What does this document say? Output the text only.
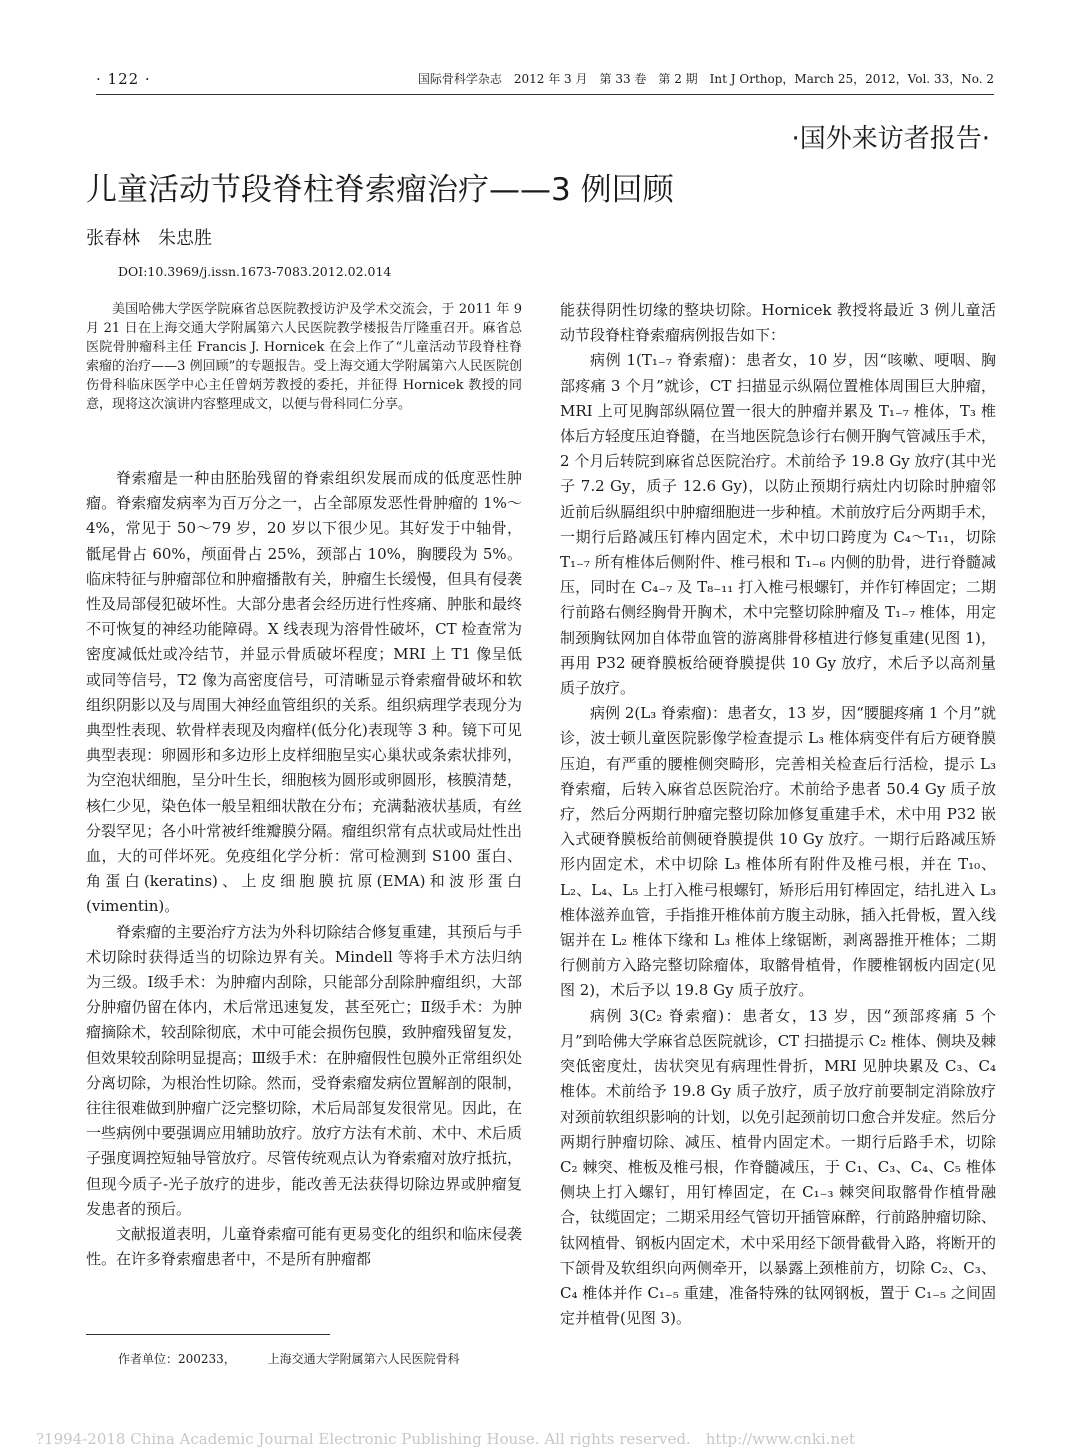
· 122 ·	国际骨科学杂志　2012 年 3 月　第 33 卷　第 2 期　Int J Orthop，March 25，2012，Vol. 33，No. 2
·国外来访者报告·
儿童活动节段脊柱脊索瘤治疗——3 例回顾
张春林　朱忠胜
DOI:10.3969/j.issn.1673-7083.2012.02.014

美国哈佛大学医学院麻省总医院教授访沪及学术交流会，于 2011 年 9 月 21 日在上海交通大学附属第六人民医院教学楼报告厅隆重召开。麻省总医院骨肿瘤科主任 Francis J. Hornicek 在会上作了“儿童活动节段脊柱脊索瘤的治疗——3 例回顾”的专题报告。受上海交通大学附属第六人民医院创伤骨科临床医学中心主任曾炳芳教授的委托，并征得 Hornicek 教授的同意，现将这次演讲内容整理成文，以便与骨科同仁分享。

脊索瘤是一种由胚胎残留的脊索组织发展而成的低度恶性肿瘤。脊索瘤发病率为百万分之一，占全部原发恶性骨肿瘤的 1%～4%，常见于 50～79 岁，20 岁以下很少见。其好发于中轴骨，骶尾骨占 60%，颅面骨占 25%，颈部占 10%，胸腰段为 5%。临床特征与肿瘤部位和肿瘤播散有关，肿瘤生长缓慢，但具有侵袭性及局部侵犯破坏性。大部分患者会经历进行性疼痛、肿胀和最终不可恢复的神经功能障碍。X 线表现为溶骨性破坏，CT 检查常为密度减低灶或冷结节，并显示骨质破坏程度；MRI 上 T1 像呈低或同等信号，T2 像为高密度信号，可清晰显示脊索瘤骨破坏和软组织阴影以及与周围大神经血管组织的关系。组织病理学表现分为典型性表现、软骨样表现及肉瘤样(低分化)表现等 3 种。镜下可见典型表现：卵圆形和多边形上皮样细胞呈实心巢状或条索状排列，为空泡状细胞，呈分叶生长，细胞核为圆形或卵圆形，核膜清楚，核仁少见，染色体一般呈粗细状散在分布；充满黏液状基质，有丝分裂罕见；各小叶常被纤维瓣膜分隔。瘤组织常有点状或局灶性出血，大的可伴坏死。免疫组化学分析：常可检测到 S100 蛋白、角蛋白(keratins)、上皮细胞膜抗原(EMA)和波形蛋白(vimentin)。

脊索瘤的主要治疗方法为外科切除结合修复重建，其预后与手术切除时获得适当的切除边界有关。Mindell 等将手术方法归纳为三级。Ⅰ级手术：为肿瘤内刮除，只能部分刮除肿瘤组织，大部分肿瘤仍留在体内，术后常迅速复发，甚至死亡；Ⅱ级手术：为肿瘤摘除术，较刮除彻底，术中可能会损伤包膜，致肿瘤残留复发，但效果较刮除明显提高；Ⅲ级手术：在肿瘤假性包膜外正常组织处分离切除，为根治性切除。然而，受脊索瘤发病位置解剖的限制，往往很难做到肿瘤广泛完整切除，术后局部复发很常见。因此，在一些病例中要强调应用辅助放疗。放疗方法有术前、术中、术后质子强度调控短轴导管放疗。尽管传统观点认为脊索瘤对放疗抵抗，但现今质子-光子放疗的进步，能改善无法获得切除边界或肿瘤复发患者的预后。

文献报道表明，儿童脊索瘤可能有更易变化的组织和临床侵袭性。在许多脊索瘤患者中，不是所有肿瘤都

能获得阴性切缘的整块切除。Hornicek 教授将最近 3 例儿童活动节段脊柱脊索瘤病例报告如下：

病例 1(T₁₋₇ 脊索瘤)：患者女，10 岁，因“咳嗽、哽咽、胸部疼痛 3 个月”就诊，CT 扫描显示纵隔位置椎体周围巨大肿瘤，MRI 上可见胸部纵隔位置一很大的肿瘤并累及 T₁₋₇ 椎体，T₃ 椎体后方轻度压迫脊髓，在当地医院急诊行右侧开胸气管减压手术，2 个月后转院到麻省总医院治疗。术前给予 19.8 Gy 放疗(其中光子 7.2 Gy，质子 12.6 Gy)，以防止预期行病灶内切除时肿瘤邻近前后纵膈组织中肿瘤细胞进一步种植。术前放疗后分两期手术，一期行后路减压钉棒内固定术，术中切口跨度为 C₄～T₁₁，切除 T₁₋₇ 所有椎体后侧附件、椎弓根和 T₁₋₆ 内侧的肋骨，进行脊髓减压，同时在 C₄₋₇ 及 T₈₋₁₁ 打入椎弓根螺钉，并作钉棒固定；二期行前路右侧经胸骨开胸术，术中完整切除肿瘤及 T₁₋₇ 椎体，用定制颈胸钛网加自体带血管的游离腓骨移植进行修复重建(见图 1)，再用 P32 硬脊膜板给硬脊膜提供 10 Gy 放疗，术后予以高剂量质子放疗。

病例 2(L₃ 脊索瘤)：患者女，13 岁，因“腰腿疼痛 1 个月”就诊，波士顿儿童医院影像学检查提示 L₃ 椎体病变伴有后方硬脊膜压迫，有严重的腰椎侧突畸形，完善相关检查后行活检，提示 L₃ 脊索瘤，后转入麻省总医院治疗。术前给予患者 50.4 Gy 质子放疗，然后分两期行肿瘤完整切除加修复重建手术，术中用 P32 嵌入式硬脊膜板给前侧硬脊膜提供 10 Gy 放疗。一期行后路减压矫形内固定术，术中切除 L₃ 椎体所有附件及椎弓根，并在 T₁₀、L₂、L₄、L₅ 上打入椎弓根螺钉，矫形后用钉棒固定，结扎进入 L₃ 椎体滋养血管，手指推开椎体前方腹主动脉，插入托骨板，置入线锯并在 L₂ 椎体下缘和 L₃ 椎体上缘锯断，剥离器推开椎体；二期行侧前方入路完整切除瘤体，取髂骨植骨，作腰椎钢板内固定(见图 2)，术后予以 19.8 Gy 质子放疗。

病例 3(C₂ 脊索瘤)：患者女，13 岁，因“颈部疼痛 5 个月”到哈佛大学麻省总医院就诊，CT 扫描提示 C₂ 椎体、侧块及棘突低密度灶，齿状突见有病理性骨折，MRI 见肿块累及 C₃、C₄ 椎体。术前给予 19.8 Gy 质子放疗，质子放疗前要制定消除放疗对颈前软组织影响的计划，以免引起颈前切口愈合并发症。然后分两期行肿瘤切除、减压、植骨内固定术。一期行后路手术，切除 C₂ 棘突、椎板及椎弓根，作脊髓减压，于 C₁、C₃、C₄、C₅ 椎体侧块上打入螺钉，用钉棒固定，在 C₁₋₃ 棘突间取髂骨作植骨融合，钛缆固定；二期采用经气管切开插管麻醉，行前路肿瘤切除、钛网植骨、钢板内固定术，术中采用经下颌骨截骨入路，将断开的下颌骨及软组织向两侧牵开，以暴露上颈椎前方，切除 C₂、C₃、C₄ 椎体并作 C₁₋₅ 重建，准备特殊的钛网钢板，置于 C₁₋₅ 之间固定并植骨(见图 3)。

作者单位：200233，	上海交通大学附属第六人民医院骨科
?1994-2018 China Academic Journal Electronic Publishing House. All rights reserved.　http://www.cnki.net
